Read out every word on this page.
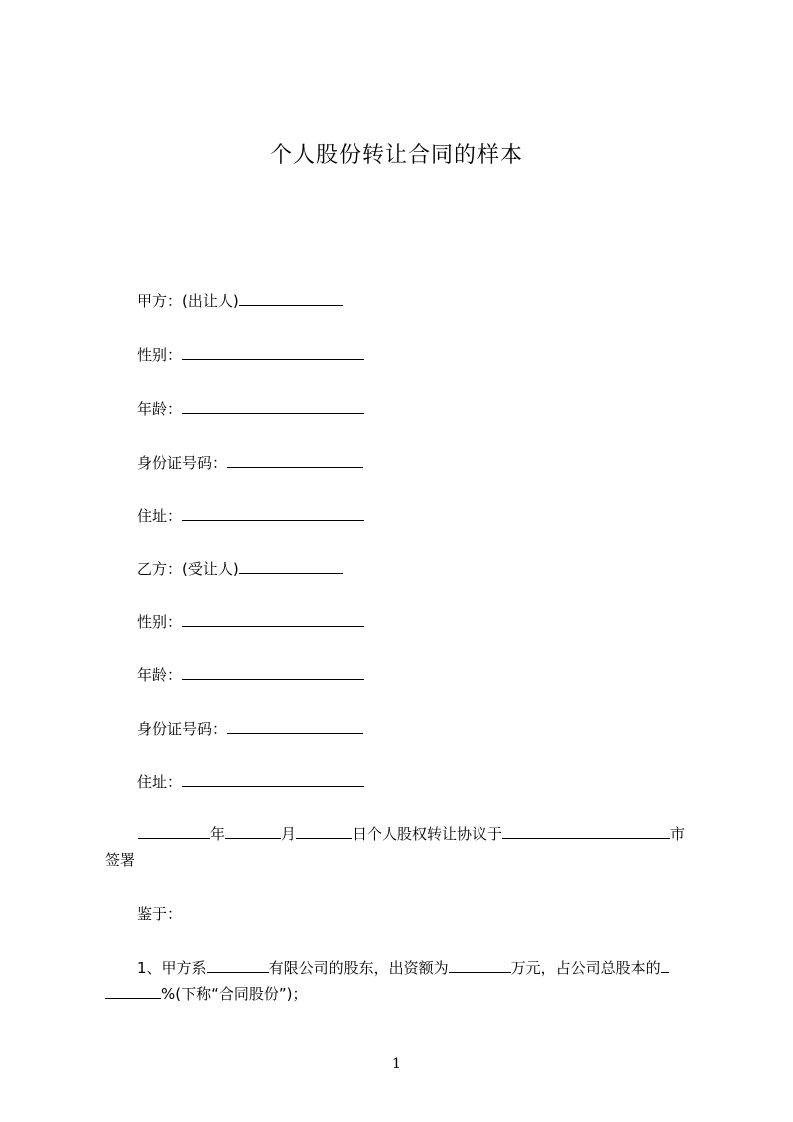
个人股份转让合同的样本
甲方：(出让人)
性别：
年龄：
身份证号码：
住址：
乙方：(受让人)
性别：
年龄：
身份证号码：
住址：
年	月	日个人股权转让协议于	市
签署
鉴于：
1、甲方系	有限公司的股东，出资额为	万元，占公司总股本的
%(下称“合同股份”)；
1
